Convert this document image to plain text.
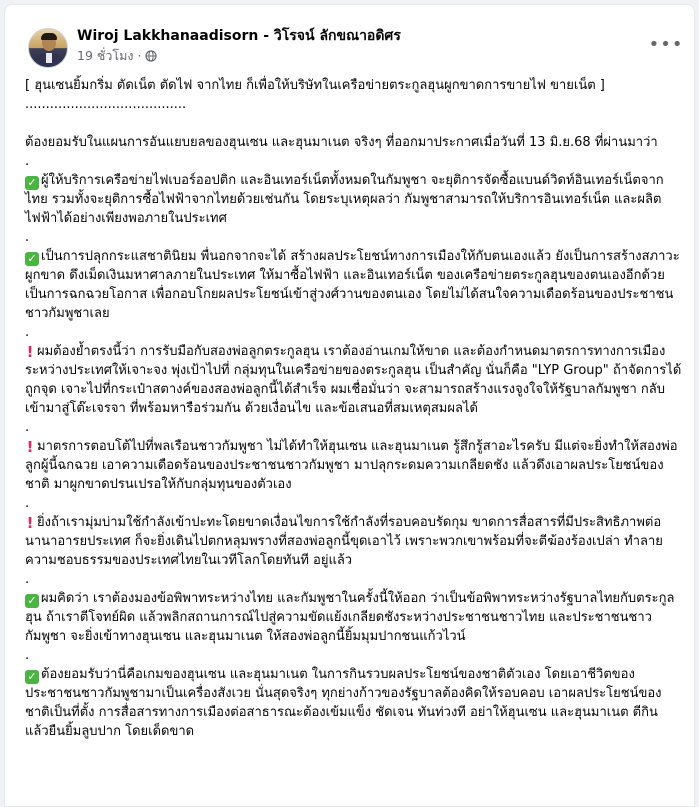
Wiroj Lakkhanaadisorn - วิโรจน์ ลักขณาอดิศร
19 ชั่วโมง ·
•••
[ ฮุนเซนยิ้มกริ่ม ตัดเน็ต ตัดไฟ จากไทย ก็เพื่อให้บริษัทในเครือข่ายตระกูลฮุนผูกขาดการขายไฟ ขายเน็ต ]
.......................................
ต้องยอมรับในแผนการอันแยบยลของฮุนเซน และฮุนมาเนต จริงๆ ที่ออกมาประกาศเมื่อวันที่ 13 มิ.ย.68 ที่ผ่านมาว่า
.
✓ ผู้ให้บริการเครือข่ายไฟเบอร์ออปติก และอินเทอร์เน็ตทั้งหมดในกัมพูชา จะยุติการจัดซื้อแบนด์วิดท์อินเทอร์เน็ตจากไทย รวมทั้งจะยุติการซื้อไฟฟ้าจากไทยด้วยเช่นกัน โดยระบุเหตุผลว่า กัมพูชาสามารถให้บริการอินเทอร์เน็ต และผลิตไฟฟ้าได้อย่างเพียงพอภายในประเทศ
.
✓ เป็นการปลุกกระแสชาตินิยม พื่นอกจากจะได้ สร้างผลประโยชน์ทางการเมืองให้กับตนเองแล้ว ยังเป็นการสร้างสภาวะผูกขาด ดึงเม็ดเงินมหาศาลภายในประเทศ ให้มาซื้อไฟฟ้า และอินเทอร์เน็ต ของเครือข่ายตระกูลฮุนของตนเองอีกด้วย เป็นการฉกฉวยโอกาส เพื่อกอบโกยผลประโยชน์เข้าสู่วงศ์วานของตนเอง โดยไม่ได้สนใจความเดือดร้อนของประชาชนชาวกัมพูชาเลย
.
! ผมต้องย้ำตรงนี้ว่า การรับมือกับสองพ่อลูกตระกูลฮุน เราต้องอ่านเกมให้ขาด และต้องกำหนดมาตรการทางการเมืองระหว่างประเทศให้เจาะจง พุ่งเป้าไปที่ กลุ่มทุนในเครือข่ายของตระกูลฮุน เป็นสำคัญ นั่นก็คือ "LYP Group" ถ้าจัดการได้ถูกจุด เจาะไปที่กระเป๋าสตางค์ของสองพ่อลูกนี้ได้สำเร็จ ผมเชื่อมั่นว่า จะสามารถสร้างแรงจูงใจให้รัฐบาลกัมพูชา กลับเข้ามาสู่โต๊ะเจรจา ที่พร้อมหารือร่วมกัน ด้วยเงื่อนไข และข้อเสนอที่สมเหตุสมผลได้
.
! มาตรการตอบโต้ไปที่พลเรือนชาวกัมพูชา ไม่ได้ทำให้ฮุนเซน และฮุนมาเนต รู้สึกรู้สาอะไรครับ มีแต่จะยิ่งทำให้สองพ่อลูกผู้นี้ฉกฉวย เอาความเดือดร้อนของประชาชนชาวกัมพูชา มาปลุกระดมความเกลียดชัง แล้วดึงเอาผลประโยชน์ของชาติ มาผูกขาดปรนเปรอให้กับกลุ่มทุนของตัวเอง
.
! ยิ่งถ้าเรามุ่มบ่ามใช้กำลังเข้าปะทะโดยขาดเงื่อนไขการใช้กำลังที่รอบคอบรัดกุม ขาดการสื่อสารที่มีประสิทธิภาพต่อนานาอารยประเทศ ก็จะยิ่งเดินไปตกหลุมพรางที่สองพ่อลูกนี้ขุดเอาไว้ เพราะพวกเขาพร้อมที่จะตีฆ้องร้องเปล่า ทำลายความชอบธรรมของประเทศไทยในเวทีโลกโดยทันที อยู่แล้ว
.
✓ ผมคิดว่า เราต้องมองข้อพิพาทระหว่างไทย และกัมพูชาในครั้งนี้ให้ออก ว่าเป็นข้อพิพาทระหว่างรัฐบาลไทยกับตระกูลฮุน ถ้าเราตีโจทย์ผิด แล้วพลิกสถานการณ์ไปสู่ความขัดแย้งเกลียดชังระหว่างประชาชนชาวไทย และประชาชนชาวกัมพูชา จะยิ่งเข้าทางฮุนเซน และฮุนมาเนต ให้สองพ่อลูกนี้ยิ้มมุมปากชนแก้วไวน์
.
✓ ต้องยอมรับว่านี่คือเกมของฮุนเซน และฮุนมาเนต ในการกินรวบผลประโยชน์ของชาติตัวเอง โดยเอาชีวิตของประชาชนชาวกัมพูชามาเป็นเครื่องสังเวย นั่นสุดจริงๆ ทุกย่างก้าวของรัฐบาลต้องคิดให้รอบคอบ เอาผลประโยชน์ของชาติเป็นที่ตั้ง การสื่อสารทางการเมืองต่อสาธารณะต้องเข้มแข็ง ชัดเจน ทันท่วงที อย่าให้ฮุนเซน และฮุนมาเนต ตีกิน แล้วยืนยิ้มลูบปาก โดยเด็ดขาด
